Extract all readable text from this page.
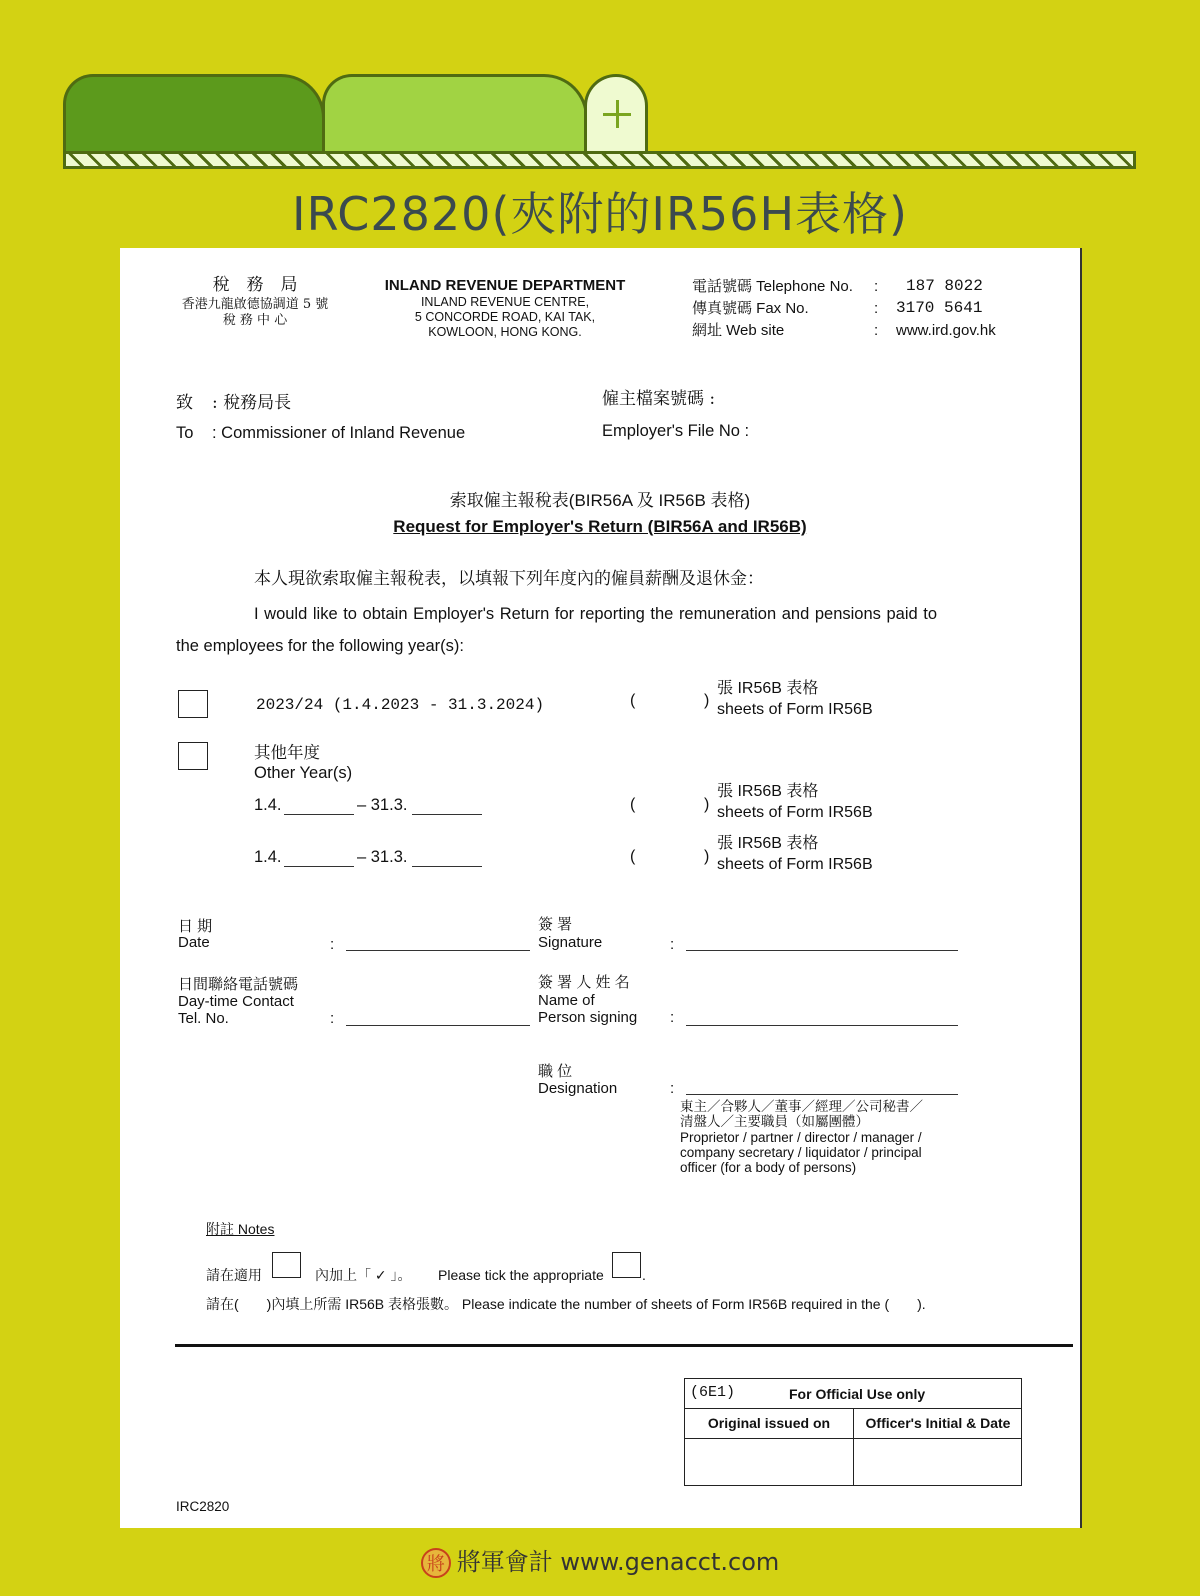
IRC2820(夾附的IR56H表格)
稅　務　局
香港九龍啟德協調道 5 號
稅 務 中 心
INLAND REVENUE DEPARTMENT
INLAND REVENUE CENTRE,
5 CONCORDE ROAD, KAI TAK,
KOWLOON, HONG KONG.
電話號碼 Telephone No. : 187 8022
傳真號碼 Fax No.	: 3170 5641
網址 Web site	: www.ird.gov.hk
致 : 稅務局長
To : Commissioner of Inland Revenue
僱主檔案號碼 :
Employer's File No :
索取僱主報稅表(BIR56A 及 IR56B 表格)
Request for Employer's Return (BIR56A and IR56B)
本人現欲索取僱主報稅表，以填報下列年度內的僱員薪酬及退休金：
I would like to obtain Employer's Return for reporting the remuneration and pensions paid to
the employees for the following year(s):
2023/24 (1.4.2023 - 31.3.2024)	(	)
張 IR56B 表格
sheets of Form IR56B
其他年度
Other Year(s)
1.4.	– 31.3.	(	)
張 IR56B 表格
sheets of Form IR56B
1.4.	– 31.3.	(	)
張 IR56B 表格
sheets of Form IR56B
日 期
Date	:
簽 署
Signature	:
日間聯絡電話號碼
Day-time Contact
Tel. No.	:
簽 署 人 姓 名
Name of
Person signing :
職 位
Designation	:
東主／合夥人／董事／經理／公司秘書／
清盤人／主要職員（如屬團體）
Proprietor / partner / director / manager /
company secretary / liquidator / principal
officer (for a body of persons)
附註 Notes
請在適用	內加上「 ✓ 」。 Please tick the appropriate	.
請在(　　)內填上所需 IR56B 表格張數。 Please indicate the number of sheets of Form IR56B required in the (　　).
(6E1)	For Official Use only
Original issued on	Officer's Initial & Date
IRC2820
將 將軍會計 www.genacct.com
